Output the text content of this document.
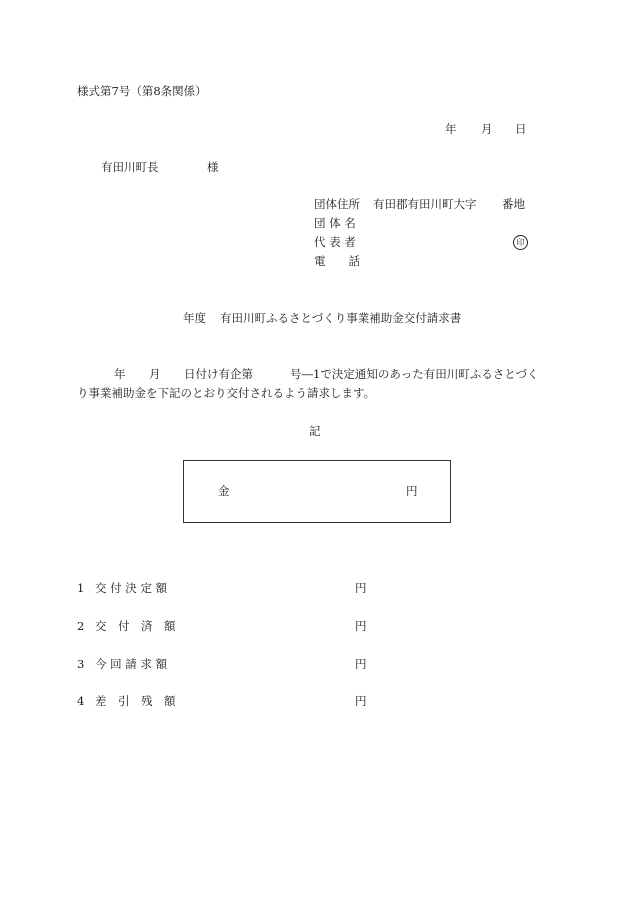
様式第7号（第8条関係）
年 月 日
有田川町長	様
団体住所 有田郡有田川町大字 番地
団 体 名
代 表 者	印
電　　話
年度 有田川町ふるさとづくり事業補助金交付請求書
年 月 日付け有企第	号―1で決定通知のあった有田川町ふるさとづく
り事業補助金を下記のとおり交付されるよう請求します。
記
金	円
1 交 付 決 定 額	円
2 交　付　済　額	円
3 今 回 請 求 額	円
4 差　引　残　額	円
